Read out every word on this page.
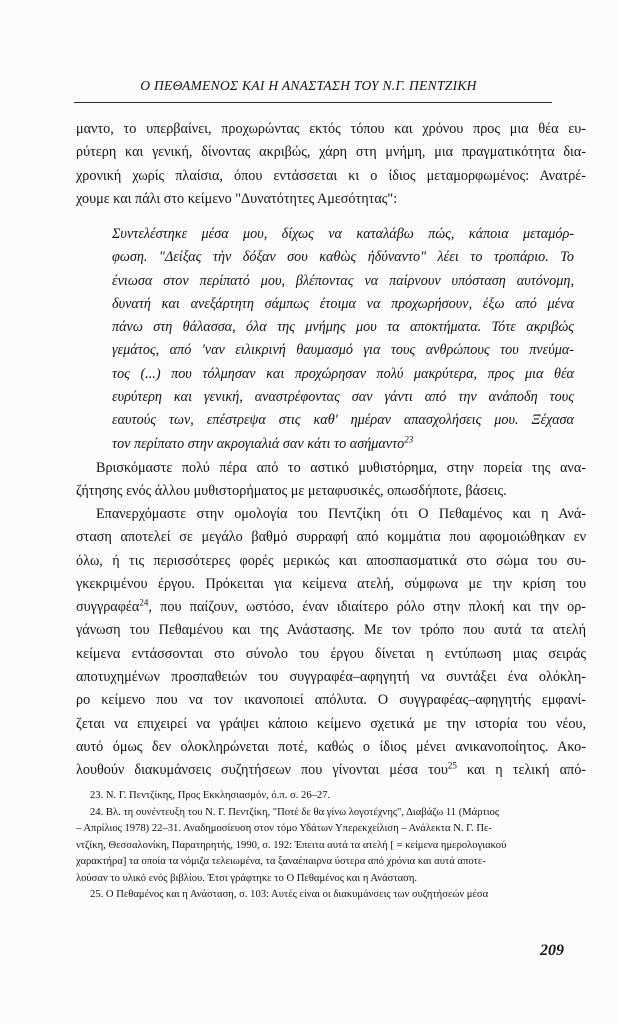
Ο ΠΕΘΑΜΕΝΟΣ ΚΑΙ Η ΑΝΑΣΤΑΣΗ ΤΟΥ Ν.Γ. ΠΕΝΤΖΙΚΗ
μαντο, το υπερβαίνει, προχωρώντας εκτός τόπου και χρόνου προς μια θέα ευ-
ρύτερη και γενική, δίνοντας ακριβώς, χάρη στη μνήμη, μια πραγματικότητα δια-
χρονική χωρίς πλαίσια, όπου εντάσσεται κι ο ίδιος μεταμορφωμένος: Ανατρέ-
χουμε και πάλι στο κείμενο "Δυνατότητες Αμεσότητας":
Συντελέστηκε μέσα μου, δίχως να καταλάβω πώς, κάποια μεταμόρ-
φωση. "Δείξας τὴν δόξαν σου καθὼς ἠδύναντο" λέει το τροπάριο. Το
ένιωσα στον περίπατό μου, βλέποντας να παίρνουν υπόσταση αυτόνομη,
δυνατή και ανεξάρτητη σάμπως έτοιμα να προχωρήσουν, έξω από μένα
πάνω στη θάλασσα, όλα της μνήμης μου τα αποκτήματα. Τότε ακριβώς
γεμάτος, από 'ναν ειλικρινή θαυμασμό για τους ανθρώπους του πνεύμα-
τος (...) που τόλμησαν και προχώρησαν πολύ μακρύτερα, προς μια θέα
ευρύτερη και γενική, αναστρέφοντας σαν γάντι από την ανάποδη τους
εαυτούς των, επέστρεψα στις καθ' ημέραν απασχολήσεις μου. Ξέχασα
τον περίπατο στην ακρογιαλιά σαν κάτι το ασήμαντο$^{23}$
Βρισκόμαστε πολύ πέρα από το αστικό μυθιστόρημα, στην πορεία της ανα-
ζήτησης ενός άλλου μυθιστορήματος με μεταφυσικές, οπωσδήποτε, βάσεις.
Επανερχόμαστε στην ομολογία του Πεντζίκη ότι Ο Πεθαμένος και η Ανά-
σταση αποτελεί σε μεγάλο βαθμό συρραφή από κομμάτια που αφομοιώθηκαν εν
όλω, ή τις περισσότερες φορές μερικώς και αποσπασματικά στο σώμα του συ-
γκεκριμένου έργου. Πρόκειται για κείμενα ατελή, σύμφωνα με την κρίση του
συγγραφέα$^{24}$, που παίζουν, ωστόσο, έναν ιδιαίτερο ρόλο στην πλοκή και την ορ-
γάνωση του Πεθαμένου και της Ανάστασης. Με τον τρόπο που αυτά τα ατελή
κείμενα εντάσσονται στο σύνολο του έργου δίνεται η εντύπωση μιας σειράς
αποτυχημένων προσπαθειών του συγγραφέα–αφηγητή να συντάξει ένα ολόκλη-
ρο κείμενο που να τον ικανοποιεί απόλυτα. Ο συγγραφέας–αφηγητής εμφανί-
ζεται να επιχειρεί να γράψει κάποιο κείμενο σχετικά με την ιστορία του νέου,
αυτό όμως δεν ολοκληρώνεται ποτέ, καθώς ο ίδιος μένει ανικανοποίητος. Ακο-
λουθούν διακυμάνσεις συζητήσεων που γίνονται μέσα του$^{25}$ και η τελική από-
23. Ν. Γ. Πεντζίκης, Προς Εκκλησιασμόν, ό.π. σ. 26–27.
24. Βλ. τη συνέντευξη του Ν. Γ. Πεντζίκη, "Ποτέ δε θα γίνω λογοτέχνης", Διαβάζω 11 (Μάρτιος
– Απρίλιος 1978) 22–31. Αναδημοσίευση στον τόμο Υδάτων Υπερεκχείλιση – Ανάλεκτα Ν. Γ. Πε-
ντζίκη, Θεσσαλονίκη, Παρατηρητής, 1990, σ. 192: Έπειτα αυτά τα ατελή [ = κείμενα ημερολογιακού
χαρακτήρα] τα οποία τα νόμιζα τελειωμένα, τα ξαναέπαιρνα ύστερα από χρόνια και αυτά αποτε-
λούσαν το υλικό ενός βιβλίου. Έτσι γράφτηκε το Ο Πεθαμένος και η Ανάσταση.
25. Ο Πεθαμένος και η Ανάσταση, σ. 103: Αυτές είναι οι διακυμάνσεις των συζητήσεών μέσα
209
